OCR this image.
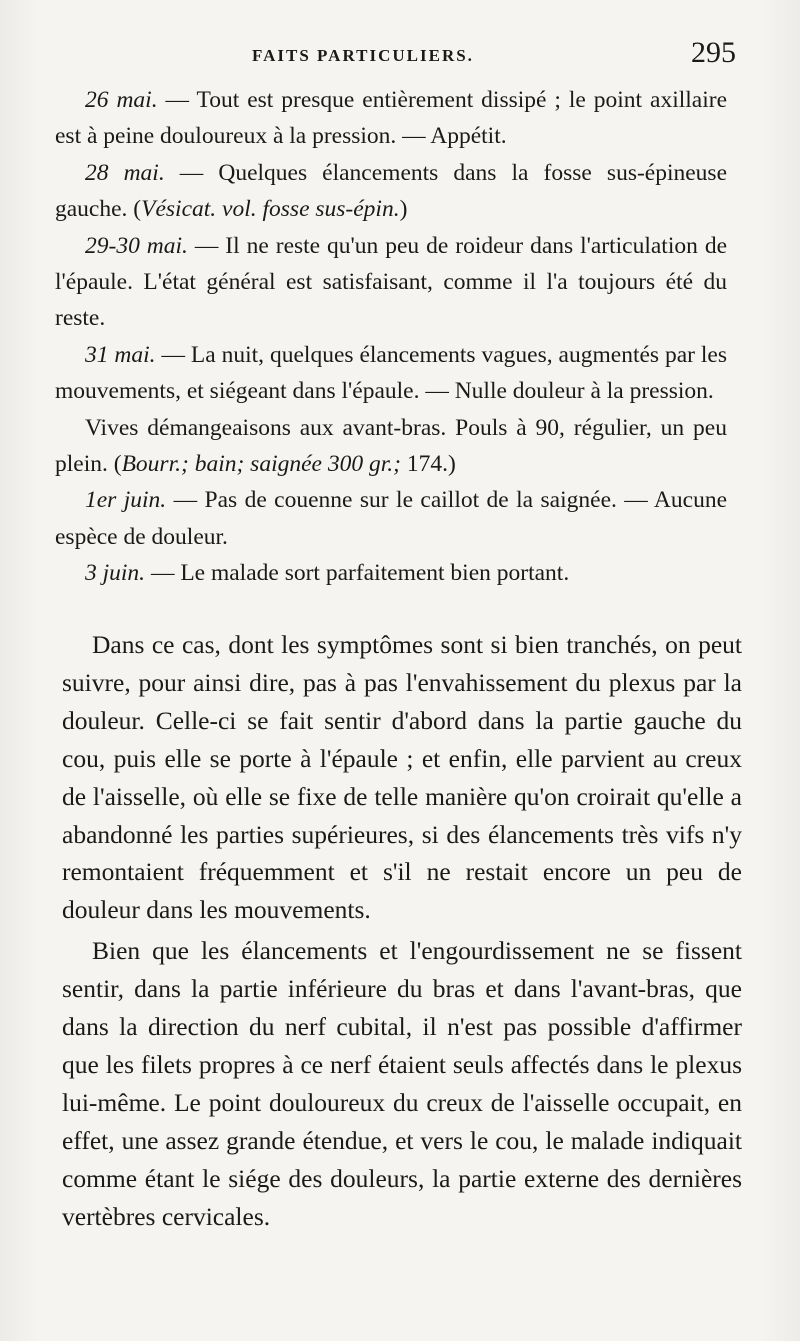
FAITS PARTICULIERS.	295

26 mai. — Tout est presque entièrement dissipé ; le point axillaire est à peine douloureux à la pression. — Appétit.

28 mai. — Quelques élancements dans la fosse sus-épineuse gauche. (Vésicat. vol. fosse sus-épin.)

29-30 mai. — Il ne reste qu'un peu de roideur dans l'articulation de l'épaule. L'état général est satisfaisant, comme il l'a toujours été du reste.

31 mai. — La nuit, quelques élancements vagues, augmentés par les mouvements, et siégeant dans l'épaule. — Nulle douleur à la pression.

Vives démangeaisons aux avant-bras. Pouls à 90, régulier, un peu plein. (Bourr.; bain; saignée 300 gr.; 174.)

1er juin. — Pas de couenne sur le caillot de la saignée. — Aucune espèce de douleur.

3 juin. — Le malade sort parfaitement bien portant.

Dans ce cas, dont les symptômes sont si bien tranchés, on peut suivre, pour ainsi dire, pas à pas l'envahissement du plexus par la douleur. Celle-ci se fait sentir d'abord dans la partie gauche du cou, puis elle se porte à l'épaule ; et enfin, elle parvient au creux de l'aisselle, où elle se fixe de telle manière qu'on croirait qu'elle a abandonné les parties supérieures, si des élancements très vifs n'y remontaient fréquemment et s'il ne restait encore un peu de douleur dans les mouvements.

Bien que les élancements et l'engourdissement ne se fissent sentir, dans la partie inférieure du bras et dans l'avant-bras, que dans la direction du nerf cubital, il n'est pas possible d'affirmer que les filets propres à ce nerf étaient seuls affectés dans le plexus lui-même. Le point douloureux du creux de l'aisselle occupait, en effet, une assez grande étendue, et vers le cou, le malade indiquait comme étant le siége des douleurs, la partie externe des dernières vertèbres cervicales.
